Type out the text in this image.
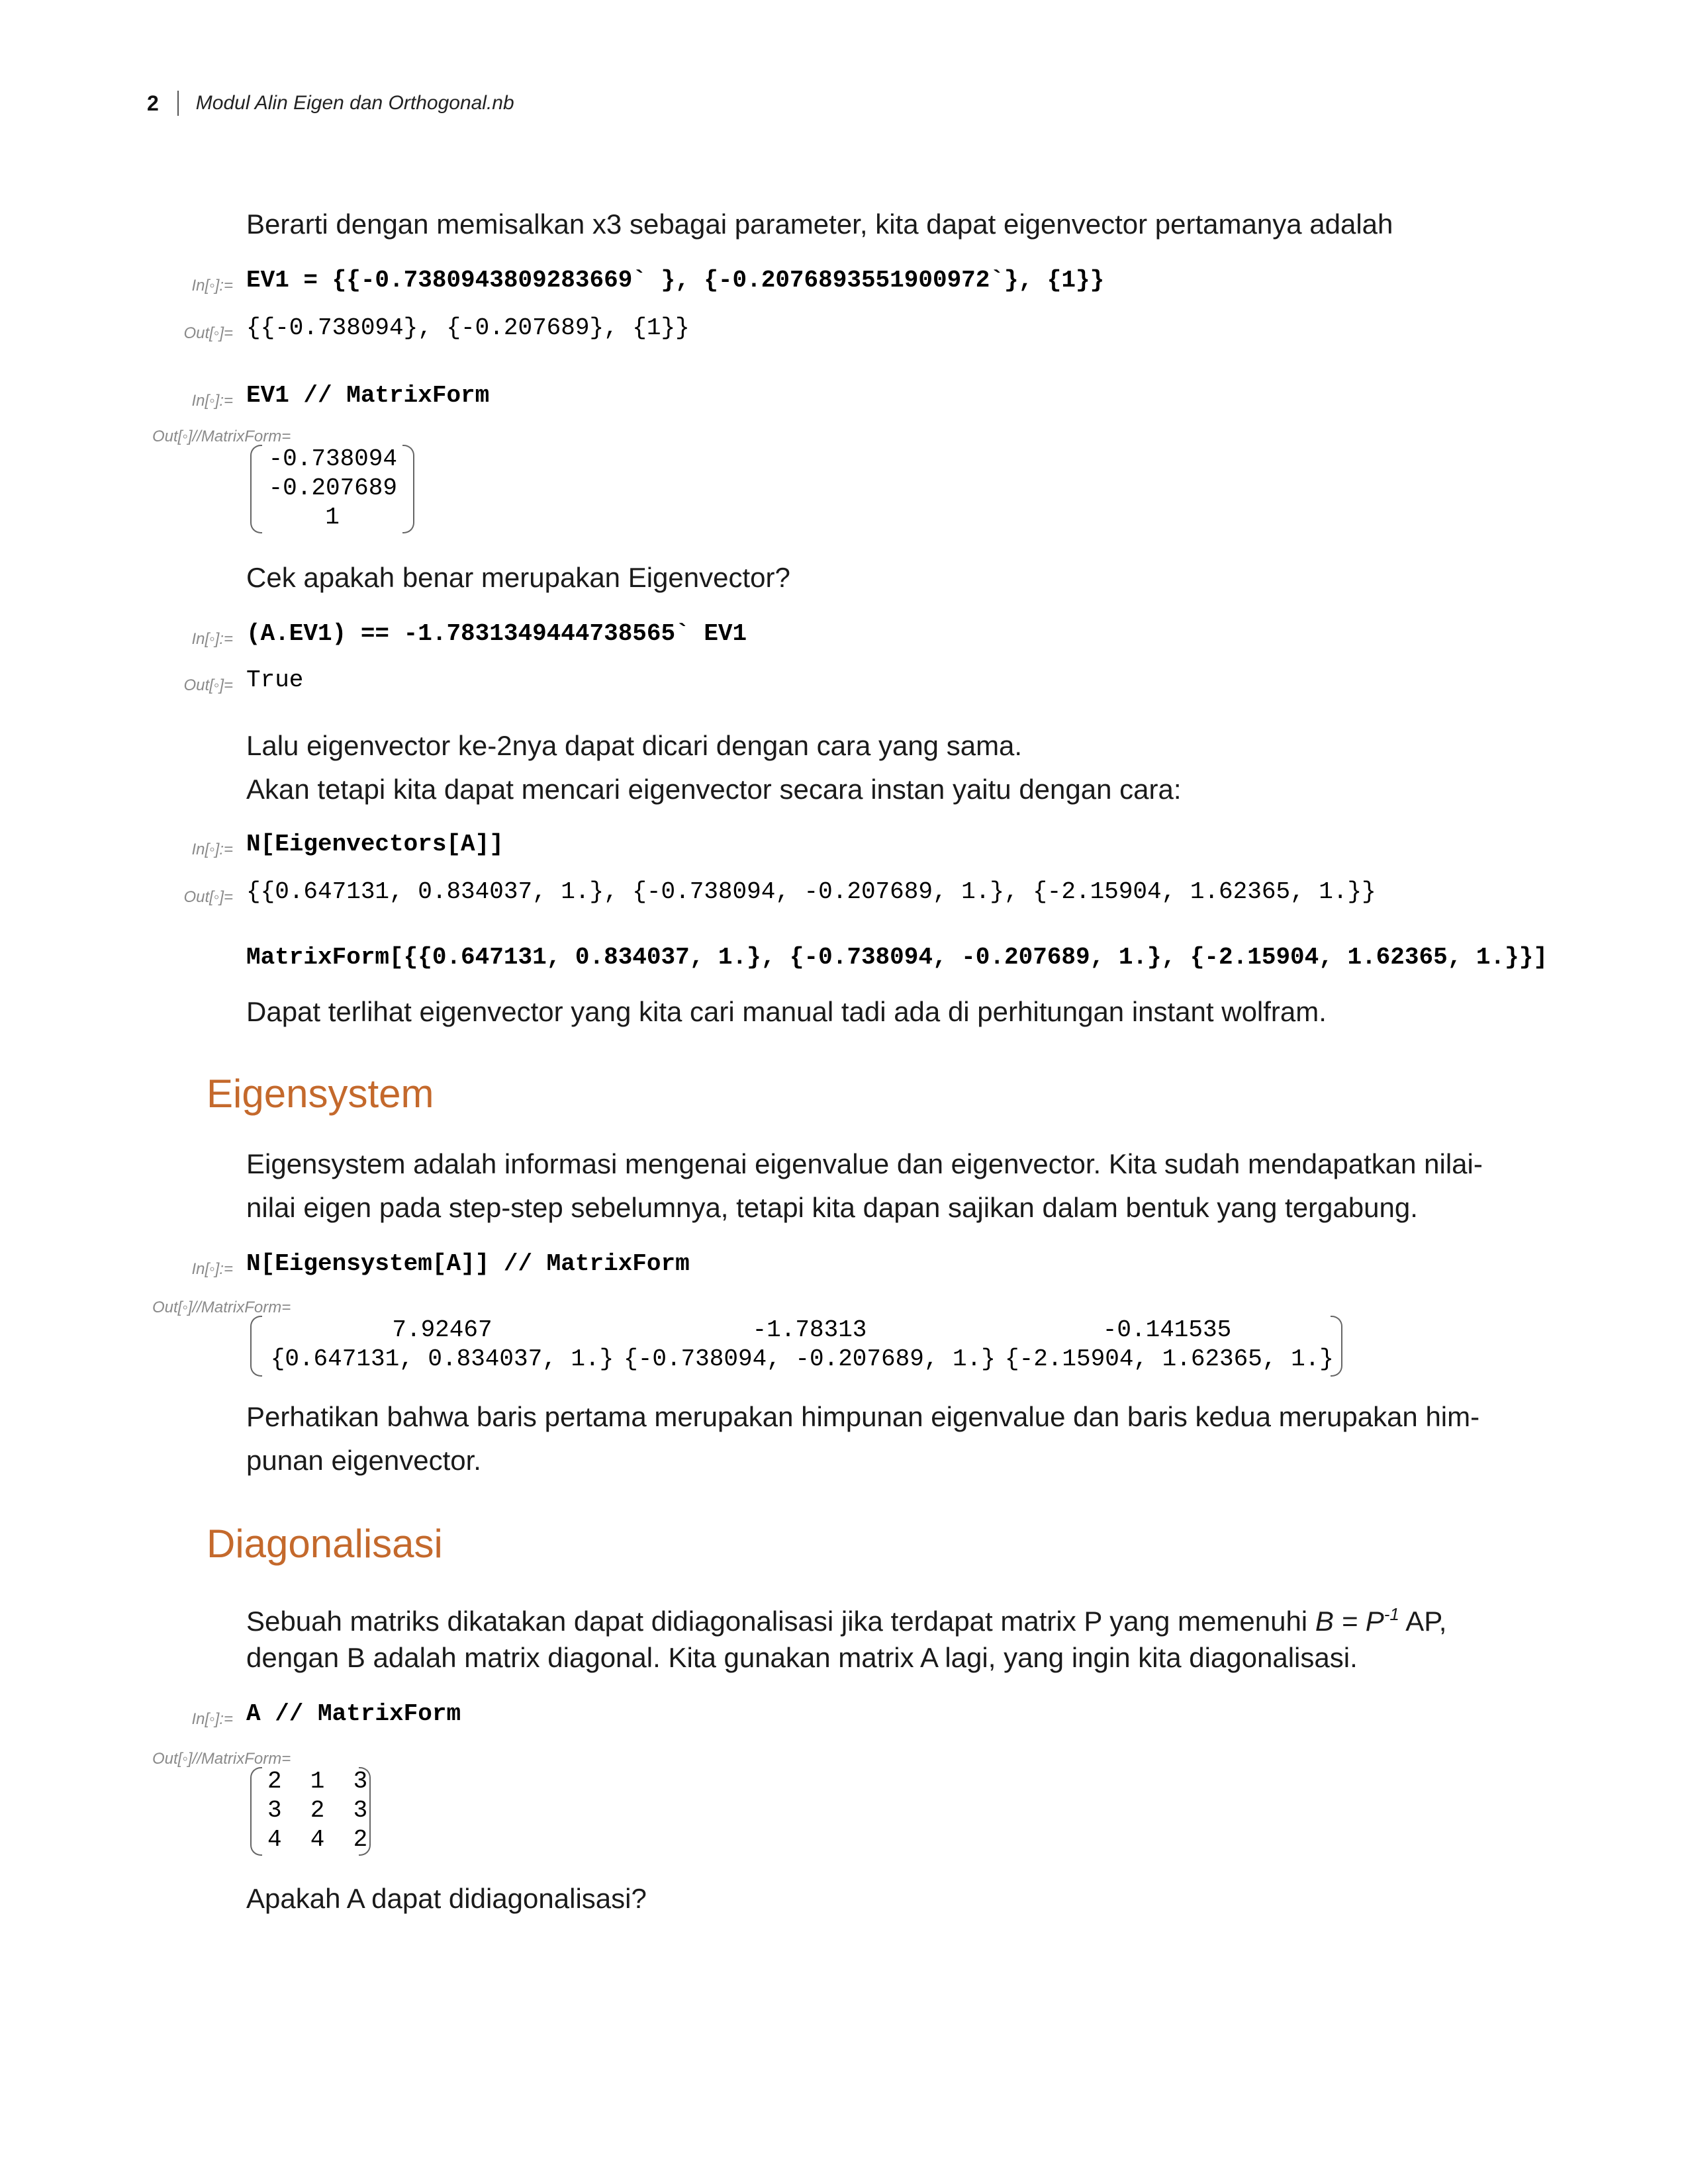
2 Modul Alin Eigen dan Orthogonal.nb
Berarti dengan memisalkan x3 sebagai parameter, kita dapat eigenvector pertamanya adalah
In[◦]:= EV1 = {{-0.7380943809283669` }, {-0.2076893551900972`}, {1}}
Out[◦]= {{-0.738094}, {-0.207689}, {1}}
In[◦]:= EV1 // MatrixForm
Out[◦]//MatrixForm=
-0.738094
-0.207689
1
Cek apakah benar merupakan Eigenvector?
In[◦]:= (A.EV1) == -1.7831349444738565` EV1
Out[◦]= True
Lalu eigenvector ke-2nya dapat dicari dengan cara yang sama.
Akan tetapi kita dapat mencari eigenvector secara instan yaitu dengan cara:
In[◦]:= N[Eigenvectors[A]]
Out[◦]= {{0.647131, 0.834037, 1.}, {-0.738094, -0.207689, 1.}, {-2.15904, 1.62365, 1.}}
MatrixForm[{{0.647131, 0.834037, 1.}, {-0.738094, -0.207689, 1.}, {-2.15904, 1.62365, 1.}}]
Dapat terlihat eigenvector yang kita cari manual tadi ada di perhitungan instant wolfram.
Eigensystem
Eigensystem adalah informasi mengenai eigenvalue dan eigenvector. Kita sudah mendapatkan nilai-
nilai eigen pada step-step sebelumnya, tetapi kita dapan sajikan dalam bentuk yang tergabung.
In[◦]:= N[Eigensystem[A]] // MatrixForm
Out[◦]//MatrixForm=
7.92467
{0.647131, 0.834037, 1.}
-1.78313
{-0.738094, -0.207689, 1.}
-0.141535
{-2.15904, 1.62365, 1.}
Perhatikan bahwa baris pertama merupakan himpunan eigenvalue dan baris kedua merupakan him-
punan eigenvector.
Diagonalisasi
Sebuah matriks dikatakan dapat didiagonalisasi jika terdapat matrix P yang memenuhi $B = P^{-1}$ AP,
dengan B adalah matrix diagonal. Kita gunakan matrix A lagi, yang ingin kita diagonalisasi.
In[◦]:= A // MatrixForm
Out[◦]//MatrixForm=
2  1  3
3  2  3
4  4  2
Apakah A dapat didiagonalisasi?
